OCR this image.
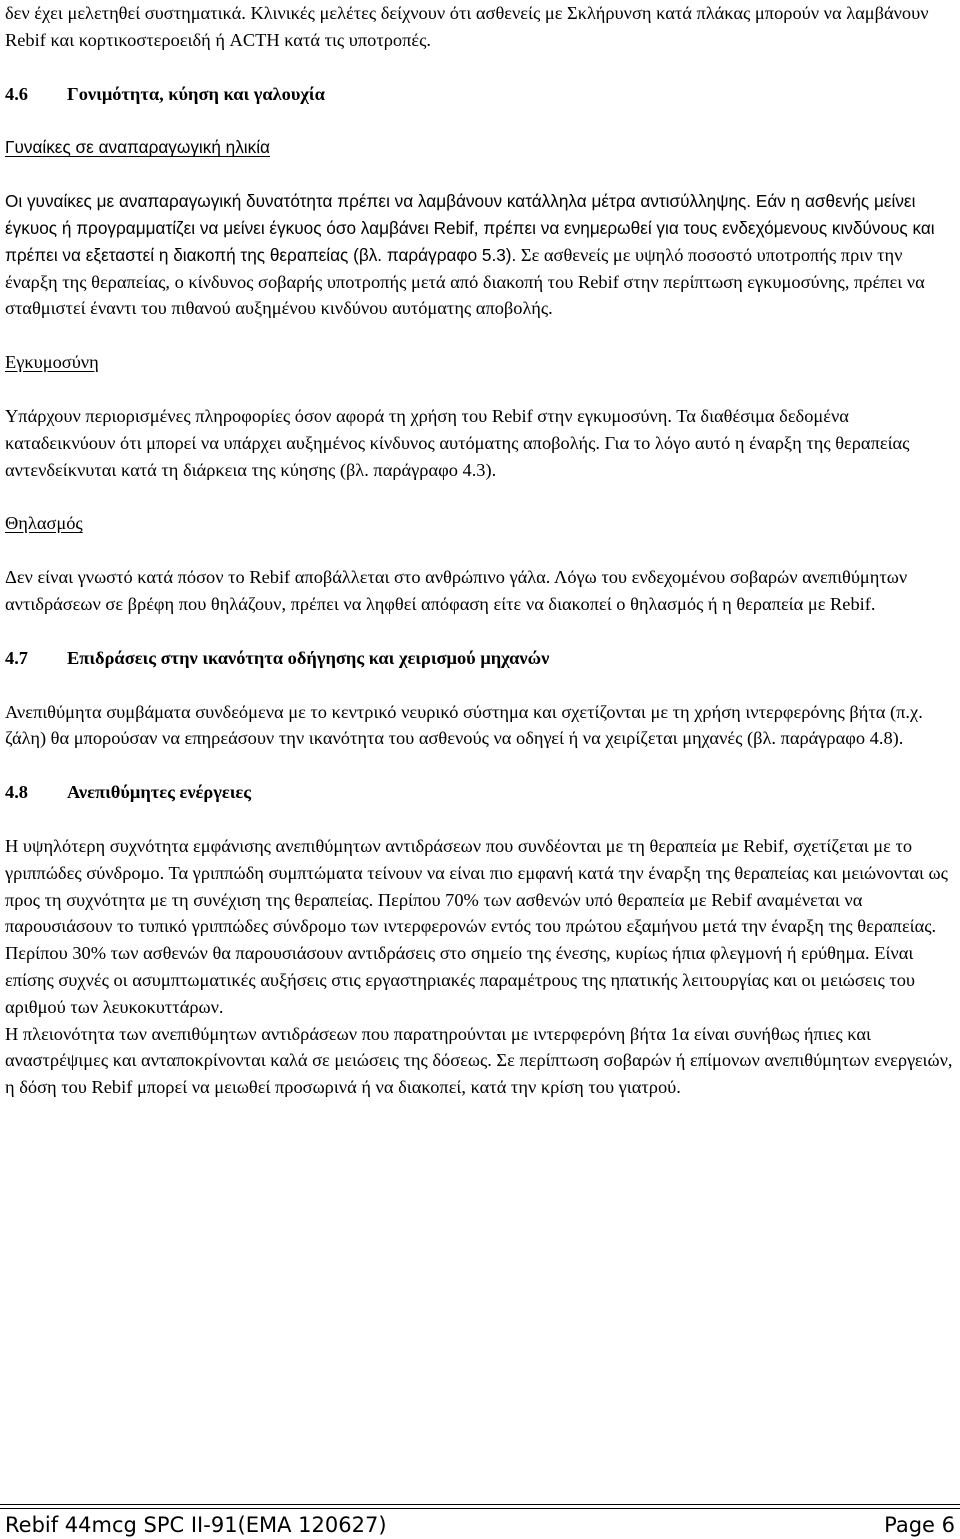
δεν έχει μελετηθεί συστηματικά. Κλινικές μελέτες δείχνουν ότι ασθενείς με Σκλήρυνση κατά πλάκας μπορούν να λαμβάνουν Rebif και κορτικοστεροειδή ή ACTH κατά τις υποτροπές.

4.6 Γονιμότητα, κύηση και γαλουχία

Γυναίκες σε αναπαραγωγική ηλικία

Οι γυναίκες με αναπαραγωγική δυνατότητα πρέπει να λαμβάνουν κατάλληλα μέτρα αντισύλληψης. Εάν η ασθενής μείνει έγκυος ή προγραμματίζει να μείνει έγκυος όσο λαμβάνει Rebif, πρέπει να ενημερωθεί για τους ενδεχόμενους κινδύνους και πρέπει να εξεταστεί η διακοπή της θεραπείας (βλ. παράγραφο 5.3). Σε ασθενείς με υψηλό ποσοστό υποτροπής πριν την έναρξη της θεραπείας, ο κίνδυνος σοβαρής υποτροπής μετά από διακοπή του Rebif στην περίπτωση εγκυμοσύνης, πρέπει να σταθμιστεί έναντι του πιθανού αυξημένου κινδύνου αυτόματης αποβολής.

Εγκυμοσύνη

Υπάρχουν περιορισμένες πληροφορίες όσον αφορά τη χρήση του Rebif στην εγκυμοσύνη. Τα διαθέσιμα δεδομένα καταδεικνύουν ότι μπορεί να υπάρχει αυξημένος κίνδυνος αυτόματης αποβολής. Για το λόγο αυτό η έναρξη της θεραπείας αντενδείκνυται κατά τη διάρκεια της κύησης (βλ. παράγραφο 4.3).

Θηλασμός

Δεν είναι γνωστό κατά πόσον το Rebif αποβάλλεται στο ανθρώπινο γάλα. Λόγω του ενδεχομένου σοβαρών ανεπιθύμητων αντιδράσεων σε βρέφη που θηλάζουν, πρέπει να ληφθεί απόφαση είτε να διακοπεί ο θηλασμός ή η θεραπεία με Rebif.

4.7 Επιδράσεις στην ικανότητα οδήγησης και χειρισμού μηχανών

Ανεπιθύμητα συμβάματα συνδεόμενα με το κεντρικό νευρικό σύστημα και σχετίζονται με τη χρήση ιντερφερόνης βήτα (π.χ. ζάλη) θα μπορούσαν να επηρεάσουν την ικανότητα του ασθενούς να οδηγεί ή να χειρίζεται μηχανές (βλ. παράγραφο 4.8).

4.8 Ανεπιθύμητες ενέργειες

Η υψηλότερη συχνότητα εμφάνισης ανεπιθύμητων αντιδράσεων που συνδέονται με τη θεραπεία με Rebif, σχετίζεται με το γριππώδες σύνδρομο. Τα γριππώδη συμπτώματα τείνουν να είναι πιο εμφανή κατά την έναρξη της θεραπείας και μειώνονται ως προς τη συχνότητα με τη συνέχιση της θεραπείας. Περίπου 70% των ασθενών υπό θεραπεία με Rebif αναμένεται να παρουσιάσουν το τυπικό γριππώδες σύνδρομο των ιντερφερονών εντός του πρώτου εξαμήνου μετά την έναρξη της θεραπείας. Περίπου 30% των ασθενών θα παρουσιάσουν αντιδράσεις στο σημείο της ένεσης, κυρίως ήπια φλεγμονή ή ερύθημα. Είναι επίσης συχνές οι ασυμπτωματικές αυξήσεις στις εργαστηριακές παραμέτρους της ηπατικής λειτουργίας και οι μειώσεις του αριθμού των λευκοκυττάρων.

Η πλειονότητα των ανεπιθύμητων αντιδράσεων που παρατηρούνται με ιντερφερόνη βήτα 1α είναι συνήθως ήπιες και αναστρέψιμες και ανταποκρίνονται καλά σε μειώσεις της δόσεως. Σε περίπτωση σοβαρών ή επίμονων ανεπιθύμητων ενεργειών, η δόση του Rebif μπορεί να μειωθεί προσωρινά ή να διακοπεί, κατά την κρίση του γιατρού.

Rebif 44mcg SPC II-91(EMA 120627)	Page 6
